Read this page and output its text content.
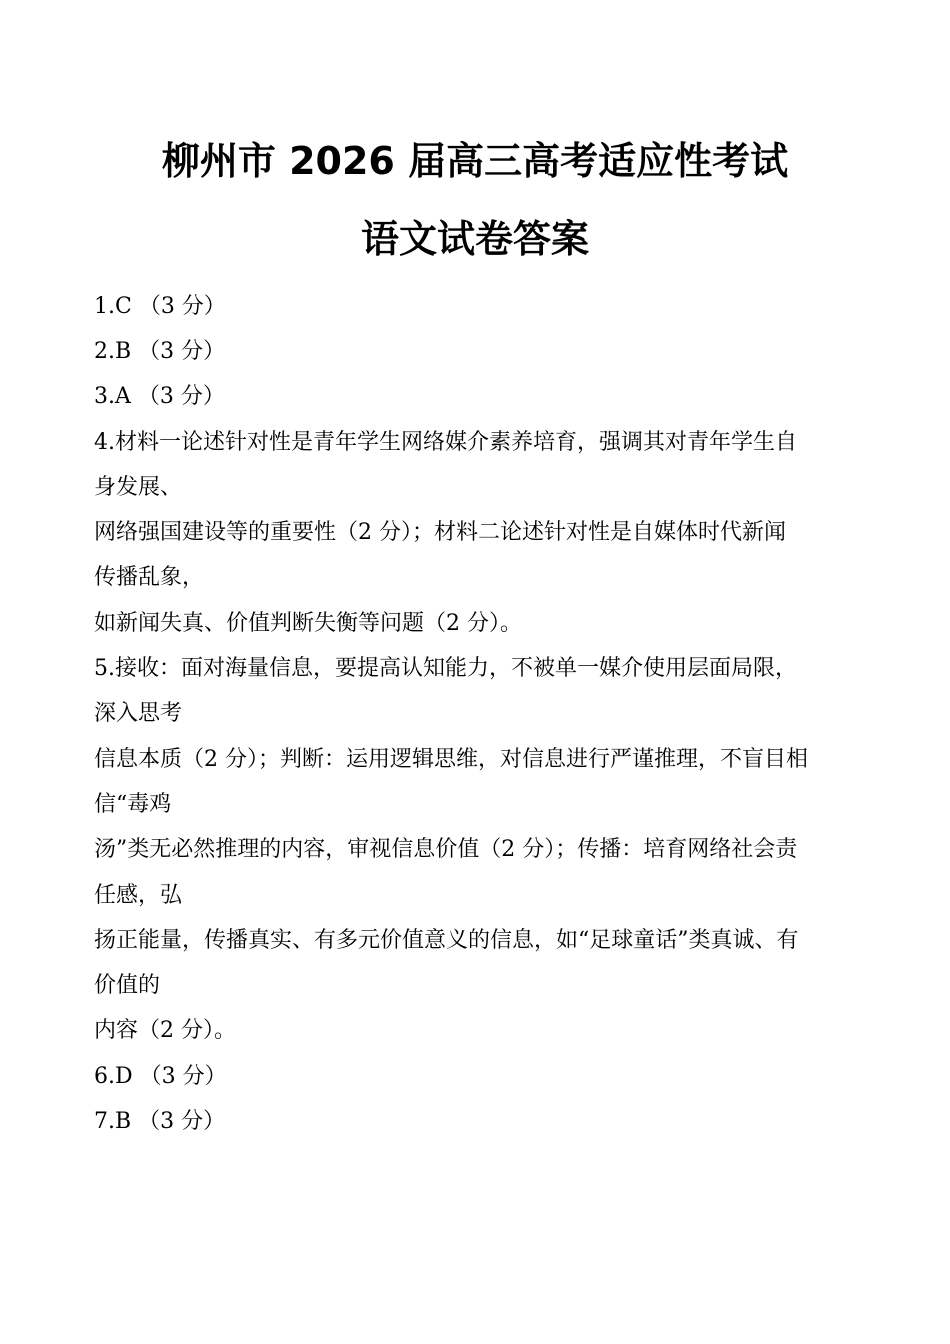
柳州市 2026 届高三高考适应性考试
语文试卷答案
1.C （3 分）
2.B （3 分）
3.A （3 分）
4.材料一论述针对性是青年学生网络媒介素养培育，强调其对青年学生自
身发展、
网络强国建设等的重要性（2 分）；材料二论述针对性是自媒体时代新闻
传播乱象，
如新闻失真、价值判断失衡等问题（2 分）。
5.接收：面对海量信息，要提高认知能力，不被单一媒介使用层面局限，
深入思考
信息本质（2 分）；判断：运用逻辑思维，对信息进行严谨推理，不盲目相
信“毒鸡
汤”类无必然推理的内容，审视信息价值（2 分）；传播：培育网络社会责
任感，弘
扬正能量，传播真实、有多元价值意义的信息，如“足球童话”类真诚、有
价值的
内容（2 分）。
6.D （3 分）
7.B （3 分）
